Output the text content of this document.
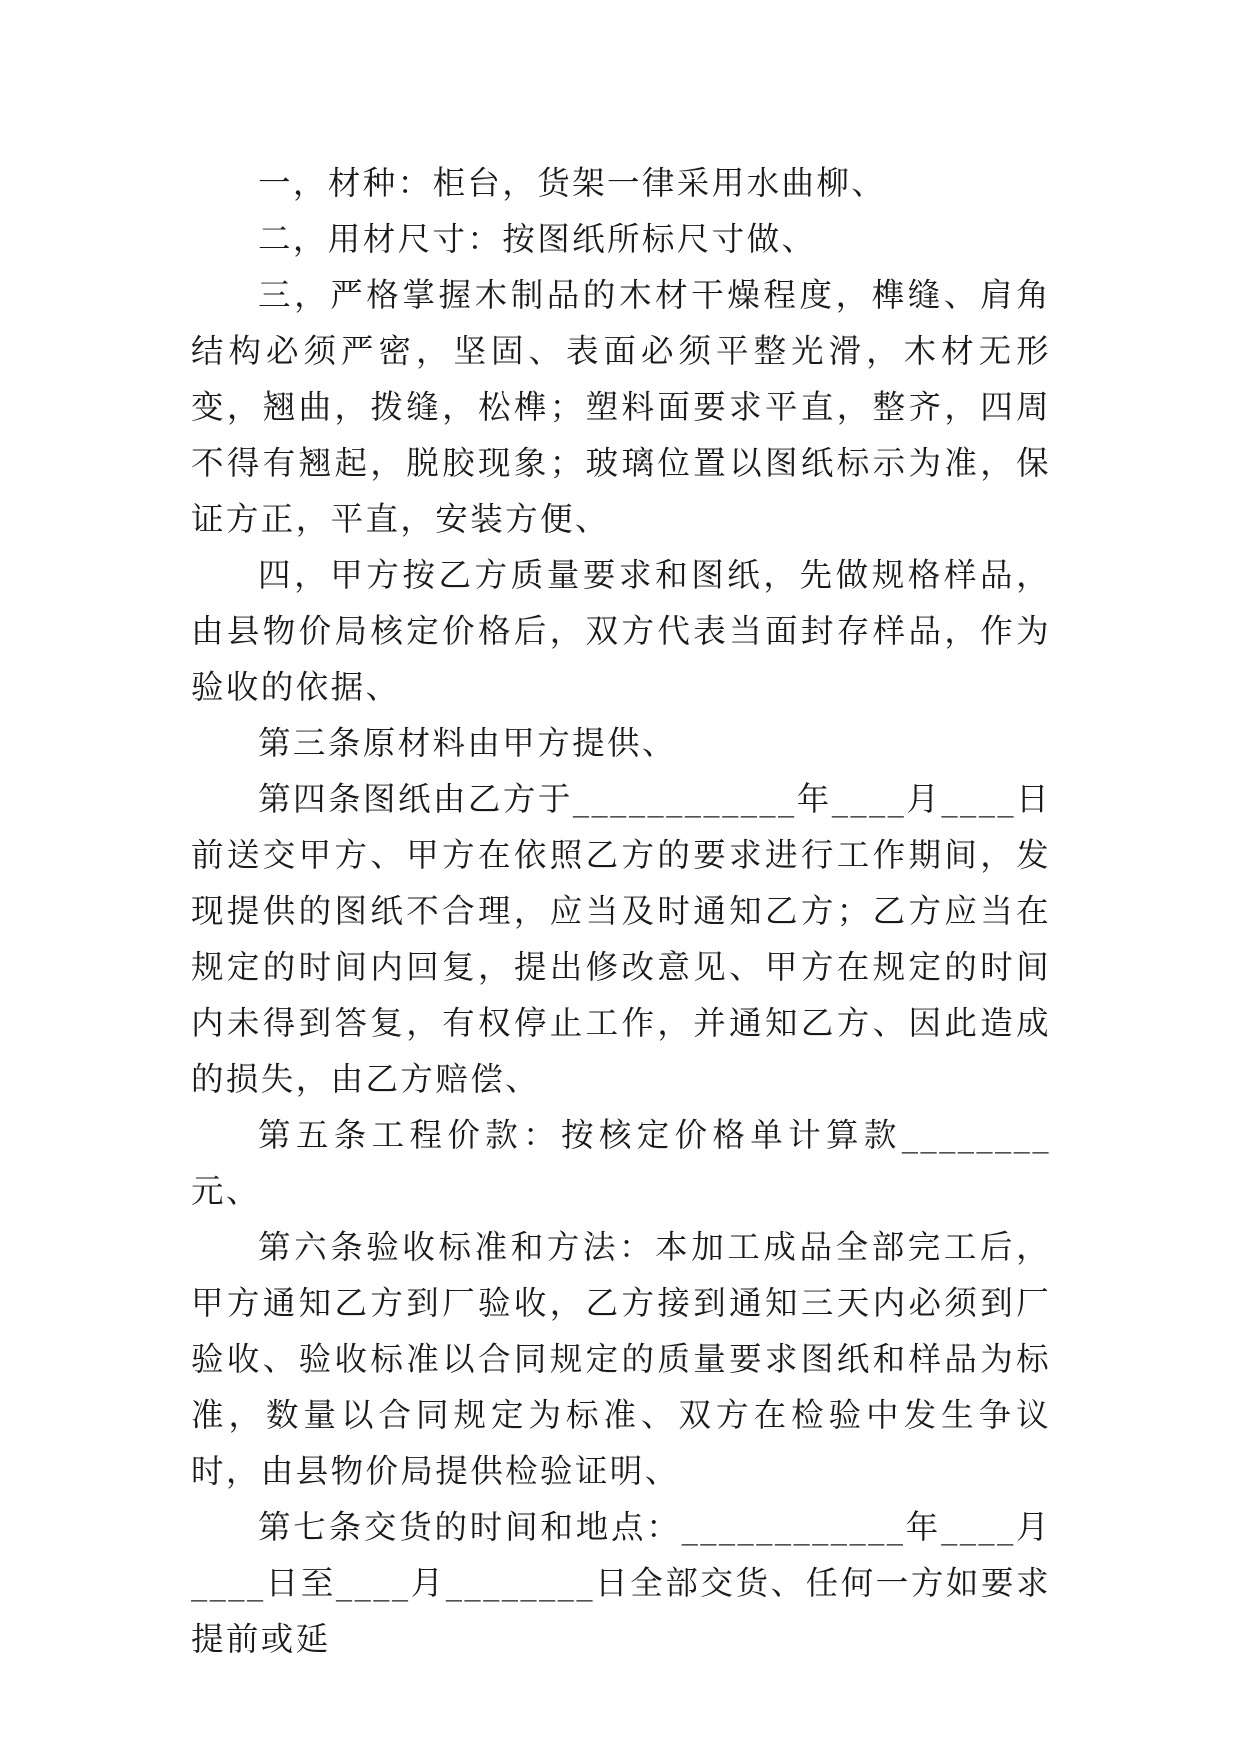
一，材种：柜台，货架一律采用水曲柳、

二，用材尺寸：按图纸所标尺寸做、

三，严格掌握木制品的木材干燥程度，榫缝、肩角结构必须严密，坚固、表面必须平整光滑，木材无形变，翘曲，拨缝，松榫；塑料面要求平直，整齐，四周不得有翘起，脱胶现象；玻璃位置以图纸标示为准，保证方正，平直，安装方便、

四，甲方按乙方质量要求和图纸，先做规格样品，由县物价局核定价格后，双方代表当面封存样品，作为验收的依据、

第三条原材料由甲方提供、

第四条图纸由乙方于____________年____月____日前送交甲方、甲方在依照乙方的要求进行工作期间，发现提供的图纸不合理，应当及时通知乙方；乙方应当在规定的时间内回复，提出修改意见、甲方在规定的时间内未得到答复，有权停止工作，并通知乙方、因此造成的损失，由乙方赔偿、

第五条工程价款：按核定价格单计算款________元、

第六条验收标准和方法：本加工成品全部完工后，甲方通知乙方到厂验收，乙方接到通知三天内必须到厂验收、验收标准以合同规定的质量要求图纸和样品为标准，数量以合同规定为标准、双方在检验中发生争议时，由县物价局提供检验证明、

第七条交货的时间和地点：____________年____月____日至____月________日全部交货、任何一方如要求提前或延
